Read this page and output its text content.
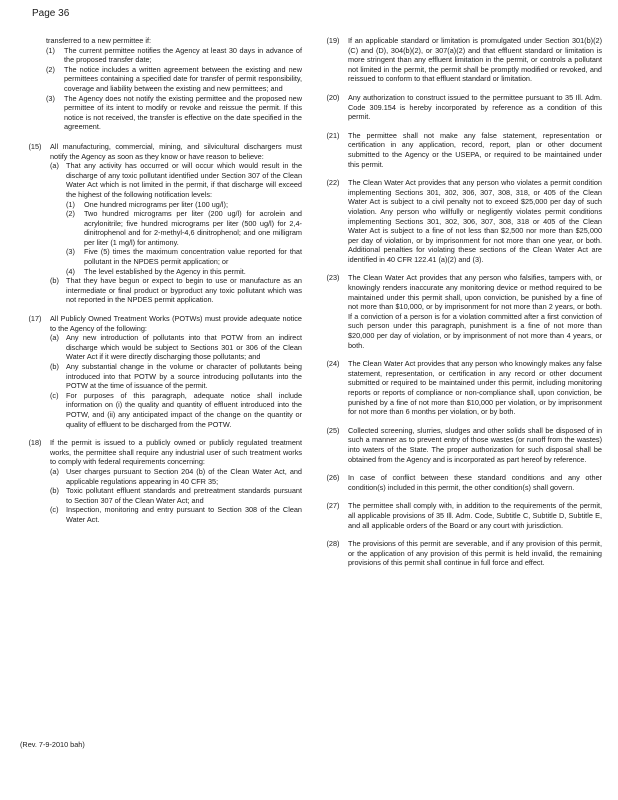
Page 36
transferred to a new permittee if:
(1)	The current permittee notifies the Agency at least 30 days in advance of the proposed transfer date;
(2)	The notice includes a written agreement between the existing and new permittees containing a specified date for transfer of permit responsibility, coverage and liability between the existing and new permittees; and
(3)	The Agency does not notify the existing permittee and the proposed new permittee of its intent to modify or revoke and reissue the permit. If this notice is not received, the transfer is effective on the date specified in the agreement.
(15)	All manufacturing, commercial, mining, and silvicultural dischargers must notify the Agency as soon as they know or have reason to believe:
(a) That any activity has occurred or will occur which would result in the discharge of any toxic pollutant identified under Section 307 of the Clean Water Act which is not limited in the permit, if that discharge will exceed the highest of the following notification levels:
(1)	One hundred micrograms per liter (100 ug/l);
(2)	Two hundred micrograms per liter (200 ug/l) for acrolein and acrylonitrile; five hundred micrograms per liter (500 ug/l) for 2,4-dinitrophenol and for 2-methyl-4,6 dinitrophenol; and one milligram per liter (1 mg/l) for antimony.
(3)	Five (5) times the maximum concentration value reported for that pollutant in the NPDES permit application; or
(4)	The level established by the Agency in this permit.
(b) That they have begun or expect to begin to use or manufacture as an intermediate or final product or byproduct any toxic pollutant which was not reported in the NPDES permit application.
(17)	All Publicly Owned Treatment Works (POTWs) must provide adequate notice to the Agency of the following:
(a) Any new introduction of pollutants into that POTW from an indirect discharge which would be subject to Sections 301 or 306 of the Clean Water Act if it were directly discharging those pollutants; and
(b) Any substantial change in the volume or character of pollutants being introduced into that POTW by a source introducing pollutants into the POTW at the time of issuance of the permit.
(c)	For purposes of this paragraph, adequate notice shall include information on (i) the quality and quantity of effluent introduced into the POTW, and (ii) any anticipated impact of the change on the quantity or quality of effluent to be discharged from the POTW.
(18)	If the permit is issued to a publicly owned or publicly regulated treatment works, the permittee shall require any industrial user of such treatment works to comply with federal requirements concerning:
(a) User charges pursuant to Section 204 (b) of the Clean Water Act, and applicable regulations appearing in 40 CFR 35;
(b) Toxic pollutant effluent standards and pretreatment standards pursuant to Section 307 of the Clean Water Act; and
(c)	Inspection, monitoring and entry pursuant to Section 308 of the Clean Water Act.
(19)	If an applicable standard or limitation is promulgated under Section 301(b)(2)(C) and (D), 304(b)(2), or 307(a)(2) and that effluent standard or limitation is more stringent than any effluent limitation in the permit, or controls a pollutant not limited in the permit, the permit shall be promptly modified or revoked, and reissued to conform to that effluent standard or limitation.
(20)	Any authorization to construct issued to the permittee pursuant to 35 Ill. Adm. Code 309.154 is hereby incorporated by reference as a condition of this permit.
(21)	The permittee shall not make any false statement, representation or certification in any application, record, report, plan or other document submitted to the Agency or the USEPA, or required to be maintained under this permit.
(22)	The Clean Water Act provides that any person who violates a permit condition implementing Sections 301, 302, 306, 307, 308, 318, or 405 of the Clean Water Act is subject to a civil penalty not to exceed $25,000 per day of such violation. Any person who willfully or negligently violates permit conditions implementing Sections 301, 302, 306, 307, 308, 318 or 405 of the Clean Water Act is subject to a fine of not less than $2,500 nor more than $25,000 per day of violation, or by imprisonment for not more than one year, or both. Additional penalties for violating these sections of the Clean Water Act are identified in 40 CFR 122.41 (a)(2) and (3).
(23)	The Clean Water Act provides that any person who falsifies, tampers with, or knowingly renders inaccurate any monitoring device or method required to be maintained under this permit shall, upon conviction, be punished by a fine of not more than $10,000, or by imprisonment for not more than 2 years, or both. If a conviction of a person is for a violation committed after a first conviction of such person under this paragraph, punishment is a fine of not more than $20,000 per day of violation, or by imprisonment of not more than 4 years, or both.
(24)	The Clean Water Act provides that any person who knowingly makes any false statement, representation, or certification in any record or other document submitted or required to be maintained under this permit, including monitoring reports or reports of compliance or non-compliance shall, upon conviction, be punished by a fine of not more than $10,000 per violation, or by imprisonment for not more than 6 months per violation, or by both.
(25)	Collected screening, slurries, sludges and other solids shall be disposed of in such a manner as to prevent entry of those wastes (or runoff from the wastes) into waters of the State. The proper authorization for such disposal shall be obtained from the Agency and is incorporated as part hereof by reference.
(26)	In case of conflict between these standard conditions and any other condition(s) included in this permit, the other condition(s) shall govern.
(27)	The permittee shall comply with, in addition to the requirements of the permit, all applicable provisions of 35 Ill. Adm. Code, Subtitle C, Subtitle D, Subtitle E, and all applicable orders of the Board or any court with jurisdiction.
(28)	The provisions of this permit are severable, and if any provision of this permit, or the application of any provision of this permit is held invalid, the remaining provisions of this permit shall continue in full force and effect.
(Rev. 7-9-2010 bah)
